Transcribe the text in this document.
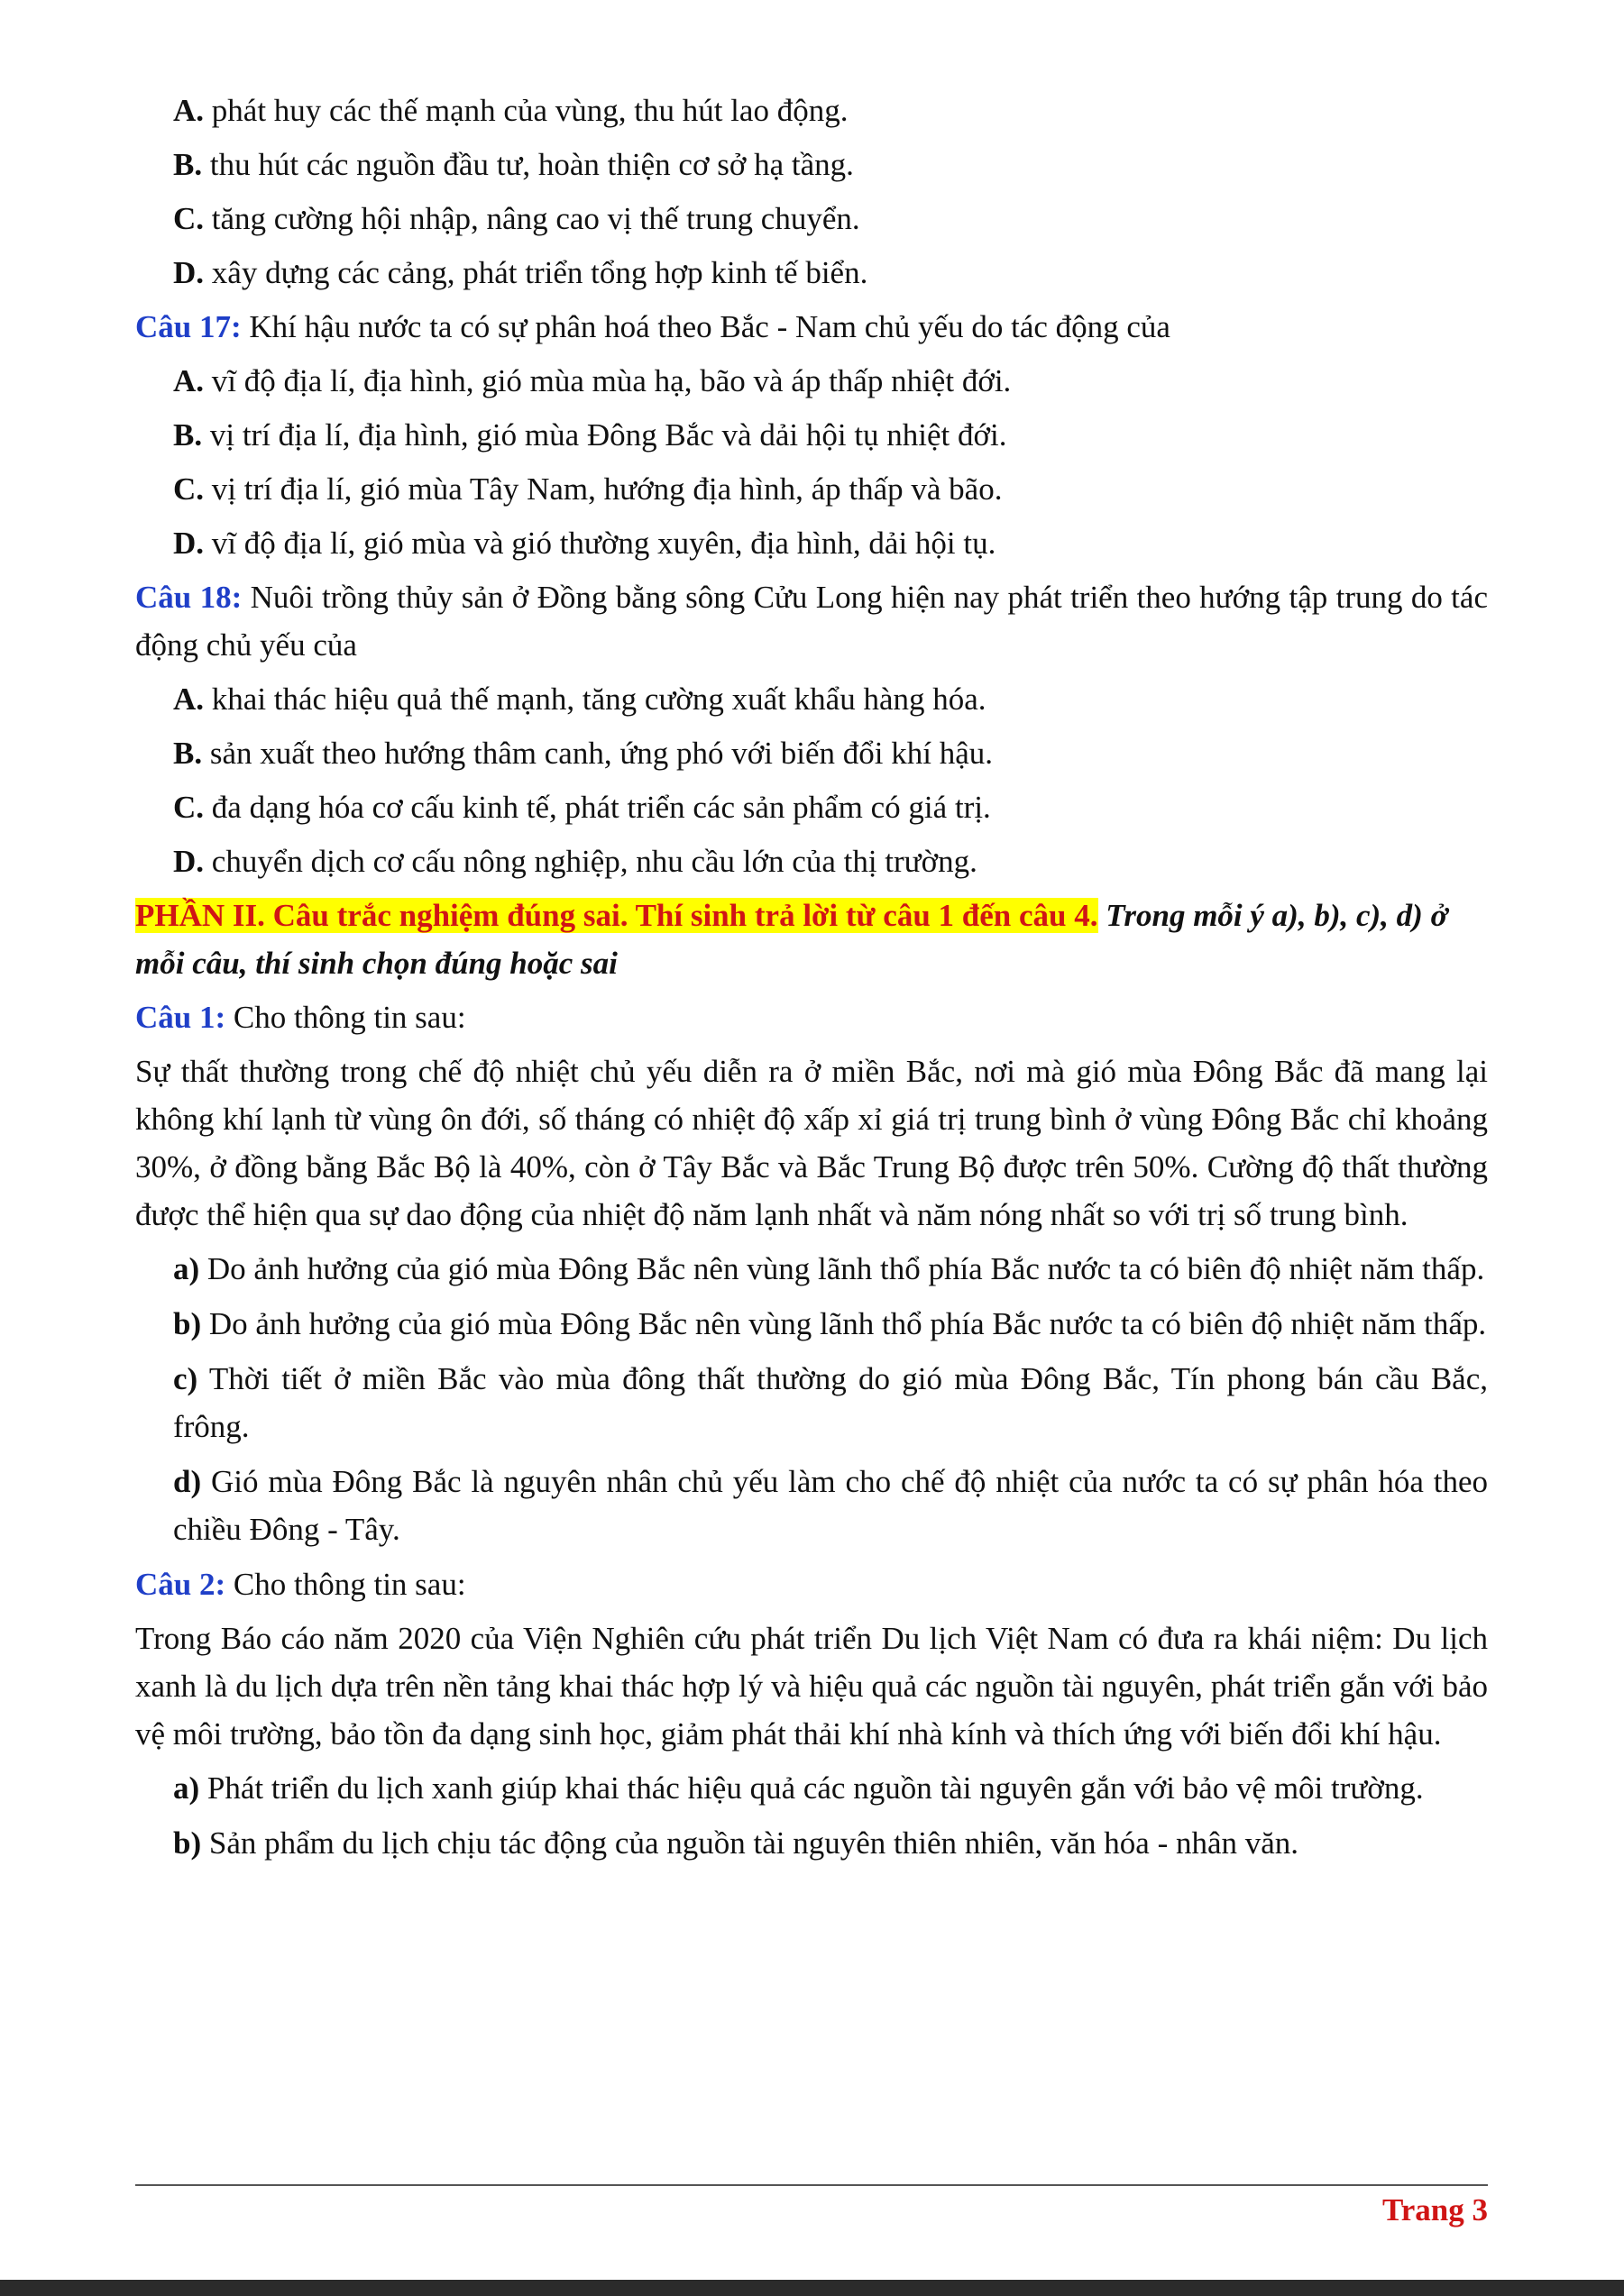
A. phát huy các thế mạnh của vùng, thu hút lao động.
B. thu hút các nguồn đầu tư, hoàn thiện cơ sở hạ tầng.
C. tăng cường hội nhập, nâng cao vị thế trung chuyển.
D. xây dựng các cảng, phát triển tổng hợp kinh tế biển.
Câu 17: Khí hậu nước ta có sự phân hoá theo Bắc - Nam chủ yếu do tác động của
A. vĩ độ địa lí, địa hình, gió mùa mùa hạ, bão và áp thấp nhiệt đới.
B. vị trí địa lí, địa hình, gió mùa Đông Bắc và dải hội tụ nhiệt đới.
C. vị trí địa lí, gió mùa Tây Nam, hướng địa hình, áp thấp và bão.
D. vĩ độ địa lí, gió mùa và gió thường xuyên, địa hình, dải hội tụ.
Câu 18: Nuôi trồng thủy sản ở Đồng bằng sông Cửu Long hiện nay phát triển theo hướng tập trung do tác động chủ yếu của
A. khai thác hiệu quả thế mạnh, tăng cường xuất khẩu hàng hóa.
B. sản xuất theo hướng thâm canh, ứng phó với biến đổi khí hậu.
C. đa dạng hóa cơ cấu kinh tế, phát triển các sản phẩm có giá trị.
D. chuyển dịch cơ cấu nông nghiệp, nhu cầu lớn của thị trường.
PHẦN II. Câu trắc nghiệm đúng sai. Thí sinh trả lời từ câu 1 đến câu 4. Trong mỗi ý a), b), c), d) ở mỗi câu, thí sinh chọn đúng hoặc sai
Câu 1: Cho thông tin sau:
Sự thất thường trong chế độ nhiệt chủ yếu diễn ra ở miền Bắc, nơi mà gió mùa Đông Bắc đã mang lại không khí lạnh từ vùng ôn đới, số tháng có nhiệt độ xấp xỉ giá trị trung bình ở vùng Đông Bắc chỉ khoảng 30%, ở đồng bằng Bắc Bộ là 40%, còn ở Tây Bắc và Bắc Trung Bộ được trên 50%. Cường độ thất thường được thể hiện qua sự dao động của nhiệt độ năm lạnh nhất và năm nóng nhất so với trị số trung bình.
a) Do ảnh hưởng của gió mùa Đông Bắc nên vùng lãnh thổ phía Bắc nước ta có biên độ nhiệt năm thấp.
b) Do ảnh hưởng của gió mùa Đông Bắc nên vùng lãnh thổ phía Bắc nước ta có biên độ nhiệt năm thấp.
c) Thời tiết ở miền Bắc vào mùa đông thất thường do gió mùa Đông Bắc, Tín phong bán cầu Bắc, frông.
d) Gió mùa Đông Bắc là nguyên nhân chủ yếu làm cho chế độ nhiệt của nước ta có sự phân hóa theo chiều Đông - Tây.
Câu 2: Cho thông tin sau:
Trong Báo cáo năm 2020 của Viện Nghiên cứu phát triển Du lịch Việt Nam có đưa ra khái niệm: Du lịch xanh là du lịch dựa trên nền tảng khai thác hợp lý và hiệu quả các nguồn tài nguyên, phát triển gắn với bảo vệ môi trường, bảo tồn đa dạng sinh học, giảm phát thải khí nhà kính và thích ứng với biến đổi khí hậu.
a) Phát triển du lịch xanh giúp khai thác hiệu quả các nguồn tài nguyên gắn với bảo vệ môi trường.
b) Sản phẩm du lịch chịu tác động của nguồn tài nguyên thiên nhiên, văn hóa - nhân văn.
Trang 3
